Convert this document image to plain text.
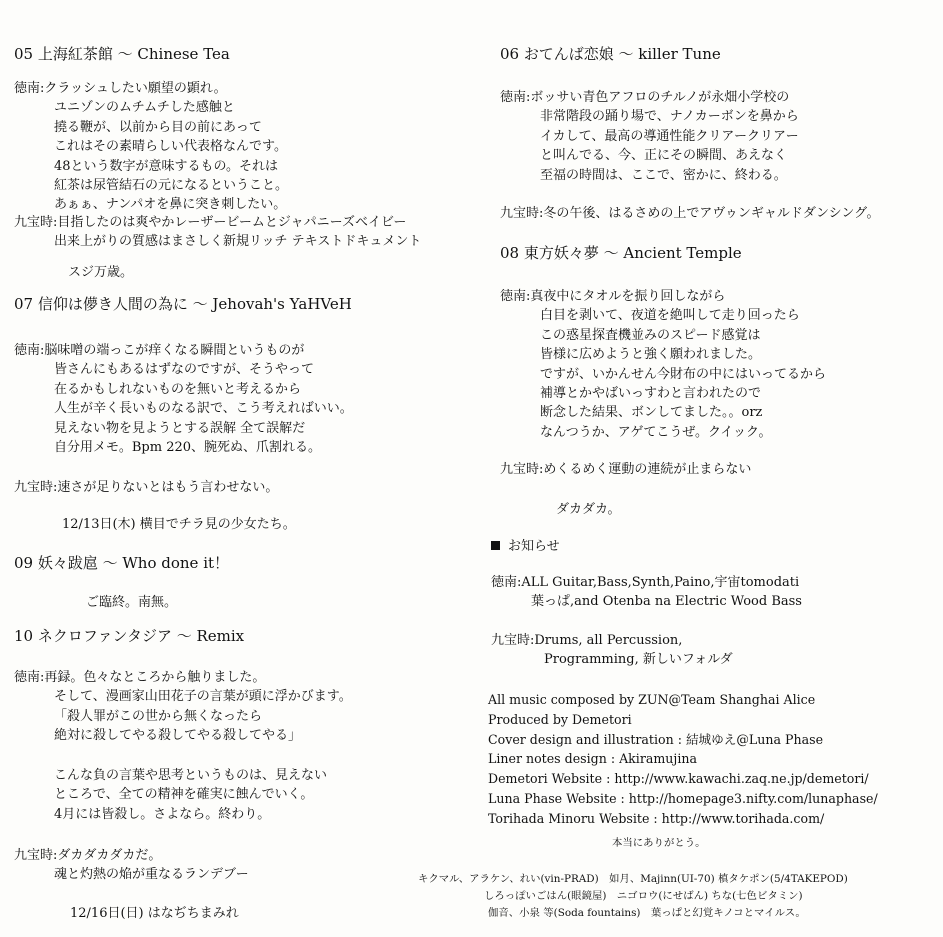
05 上海紅茶館 〜 Chinese Tea
徳南:クラッシュしたい願望の顕れ。
ユニゾンのムチムチした感触と
撓る鞭が、以前から目の前にあって
これはその素晴らしい代表格なんです。
48という数字が意味するもの。それは
紅茶は尿管結石の元になるということ。
あぁぁ、ナンパオを鼻に突き刺したい。
九宝時:目指したのは爽やかレーザービームとジャパニーズベイビー
出来上がりの質感はまさしく新規リッチ テキストドキュメント
スジ万歳。
07 信仰は儚き人間の為に 〜 Jehovah's YaHVeH
徳南:脳味噌の端っこが痒くなる瞬間というものが
皆さんにもあるはずなのですが、そうやって
在るかもしれないものを無いと考えるから
人生が辛く長いものなる訳で、こう考えればいい。
見えない物を見ようとする誤解 全て誤解だ
自分用メモ。Bpm 220、腕死ぬ、爪割れる。
九宝時:速さが足りないとはもう言わせない。
12/13日(木) 横目でチラ見の少女たち。
09 妖々跋扈 〜 Who done it！
ご臨終。南無。
10 ネクロファンタジア 〜 Remix
徳南:再録。色々なところから触りました。
そして、漫画家山田花子の言葉が頭に浮かびます。
「殺人罪がこの世から無くなったら
絶対に殺してやる殺してやる殺してやる」
こんな負の言葉や思考というものは、見えない
ところで、全ての精神を確実に蝕んでいく。
4月には皆殺し。さよなら。終わり。
九宝時:ダカダカダカだ。
魂と灼熱の焔が重なるランデブー
12/16日(日) はなぢちまみれ
06 おてんば恋娘 〜 killer Tune
徳南:ボッサい青色アフロのチルノが永畑小学校の
非常階段の踊り場で、ナノカーボンを鼻から
イカして、最高の導通性能クリアークリアー
と叫んでる、今、正にその瞬間、あえなく
至福の時間は、ここで、密かに、終わる。
九宝時:冬の午後、はるさめの上でアヴゥンギャルドダンシング。
08 東方妖々夢 〜 Ancient Temple
徳南:真夜中にタオルを振り回しながら
白目を剥いて、夜道を絶叫して走り回ったら
この惑星探査機並みのスピード感覚は
皆様に広めようと強く願われました。
ですが、いかんせん今財布の中にはいってるから
補導とかやばいっすわと言われたので
断念した結果、ボンしてました。。orz
なんつうか、アゲてこうぜ。クイック。
九宝時:めくるめく運動の連続が止まらない
ダカダカ。
お知らせ
徳南:ALL Guitar,Bass,Synth,Paino,宇宙tomodati
葉っぱ,and Otenba na Electric Wood Bass
九宝時:Drums, all Percussion,
Programming, 新しいフォルダ
All music composed by ZUN@Team Shanghai Alice
Produced by Demetori
Cover design and illustration : 結城ゆえ@Luna Phase
Liner notes design : Akiramujina
Demetori Website : http://www.kawachi.zaq.ne.jp/demetori/
Luna Phase Website : http://homepage3.nifty.com/lunaphase/
Torihada Minoru Website : http://www.torihada.com/
本当にありがとう。
キクマル、アラケン、れい(vin-PRAD)　如月、Majinn(UI-70) 槙タケポン(5/4TAKEPOD)
しろっぽいごはん(眼鏡屋)　ニゴロウ(にせばん) ちな(七色ビタミン)
伽音、小泉 等(Soda fountains)　葉っぱと幻覚キノコとマイルス。
